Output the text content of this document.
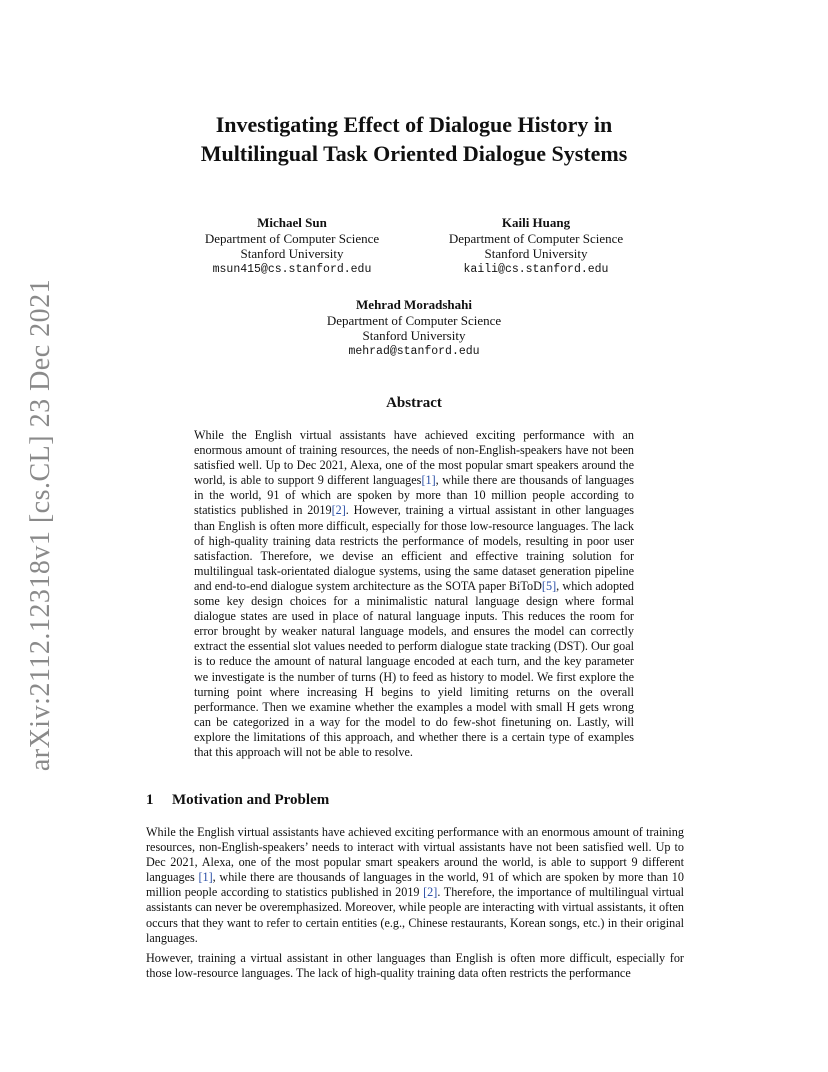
arXiv:2112.12318v1 [cs.CL] 23 Dec 2021
Investigating Effect of Dialogue History in
Multilingual Task Oriented Dialogue Systems
Michael Sun
Department of Computer Science
Stanford University
msun415@cs.stanford.edu
Kaili Huang
Department of Computer Science
Stanford University
kaili@cs.stanford.edu
Mehrad Moradshahi
Department of Computer Science
Stanford University
mehrad@stanford.edu
Abstract

While the English virtual assistants have achieved exciting performance with an enormous amount of training resources, the needs of non-English-speakers have not been satisfied well. Up to Dec 2021, Alexa, one of the most popular smart speakers around the world, is able to support 9 different languages[1], while there are thousands of languages in the world, 91 of which are spoken by more than 10 million people according to statistics published in 2019[2]. However, training a virtual assistant in other languages than English is often more difficult, especially for those low-resource languages. The lack of high-quality training data restricts the performance of models, resulting in poor user satisfaction. Therefore, we devise an efficient and effective training solution for multilingual task-orientated dialogue systems, using the same dataset generation pipeline and end-to-end dialogue system architecture as the SOTA paper BiToD[5], which adopted some key design choices for a minimalistic natural language design where formal dialogue states are used in place of natural language inputs. This reduces the room for error brought by weaker natural language models, and ensures the model can correctly extract the essential slot values needed to perform dialogue state tracking (DST). Our goal is to reduce the amount of natural language encoded at each turn, and the key parameter we investigate is the number of turns (H) to feed as history to model. We first explore the turning point where increasing H begins to yield limiting returns on the overall performance. Then we examine whether the examples a model with small H gets wrong can be categorized in a way for the model to do few-shot finetuning on. Lastly, will explore the limitations of this approach, and whether there is a certain type of examples that this approach will not be able to resolve.

1 Motivation and Problem

While the English virtual assistants have achieved exciting performance with an enormous amount of training resources, non-English-speakers’ needs to interact with virtual assistants have not been satisfied well. Up to Dec 2021, Alexa, one of the most popular smart speakers around the world, is able to support 9 different languages [1], while there are thousands of languages in the world, 91 of which are spoken by more than 10 million people according to statistics published in 2019 [2]. Therefore, the importance of multilingual virtual assistants can never be overemphasized. Moreover, while people are interacting with virtual assistants, it often occurs that they want to refer to certain entities (e.g., Chinese restaurants, Korean songs, etc.) in their original languages.

However, training a virtual assistant in other languages than English is often more difficult, especially for those low-resource languages. The lack of high-quality training data often restricts the performance
